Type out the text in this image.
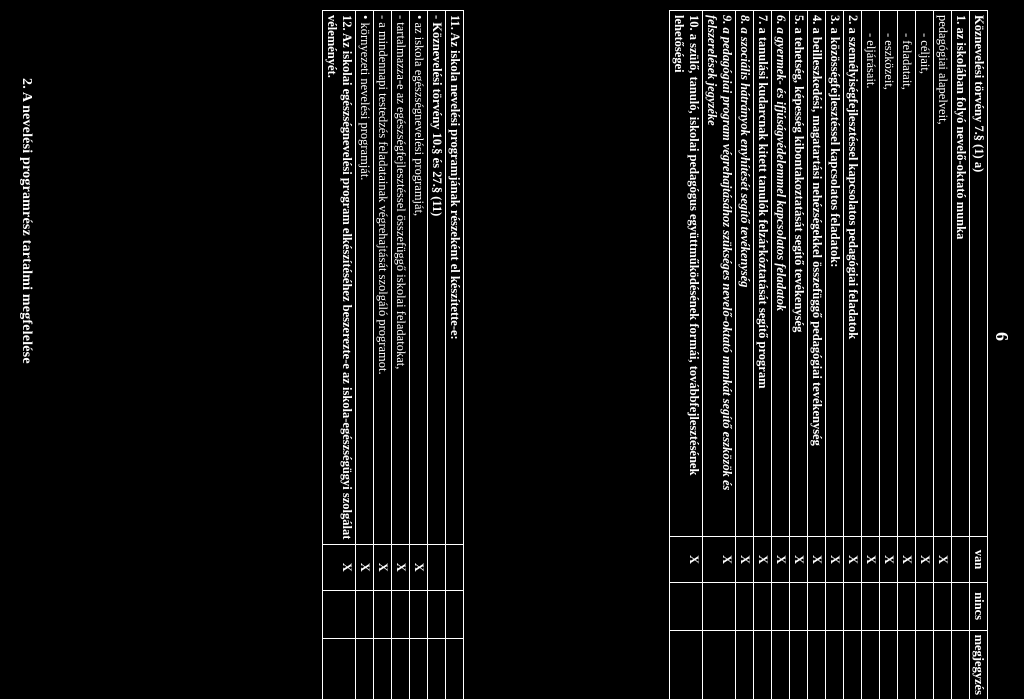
6
2. A nevelési programrész tartalmi megfelelése	Köznevelési törvény 7.§ (1) a)	van	nincs	megjegyzés
1. az iskolában folyó nevelő-oktató munka			
pedagógiai alapelveit,	X		
- céljait,	X		
- feladatait,	X		
- eszközeit,	X		
- eljárásait.	X		
2. a személyiségfejlesztéssel kapcsolatos pedagógiai feladatok	X		
3. a közösségfejlesztéssel kapcsolatos feladatok:	X		
4. a beilleszkedési, magatartási nehézségekkel összefüggő pedagógiai tevékenység	X		
5. a tehetség, képesség kibontakoztatását segítő tevékenység	X		
6. a gyermek- és ifjúságvédelemmel kapcsolatos feladatok	X		
7. a tanulási kudarcnak kitett tanulók felzárkóztatását segítő program	X		
8. a szociális hátrányok enyhítését segítő tevékenység	X		
9. a pedagógiai program végrehajtásához szükséges nevelő-oktató munkát segítő eszközök és felszerelések jegyzéke	X		
10. a szülő, tanuló, iskolai pedagógus együttműködésének formái, továbbfejlesztésének lehetőségei	X		
11. Az iskola nevelési programjának részeként el készítette-e:			
- Köznevelési törvény 10.§ és 27.§ (11)			
• az iskola egészségnevelési programját,	X		
- tartalmazza-e az egészségfejlesztéssel összefüggő iskolai feladatokat,	X		
- a mindennapi testedzés feladatainak végrehajtását szolgáló programot.	X		
• környezeti nevelési programját.	X		
12. Az iskolai egészségnevelési program elkészítéséhez beszerezte-e az iskola-egészségügyi szolgálat véleményét.	X		
